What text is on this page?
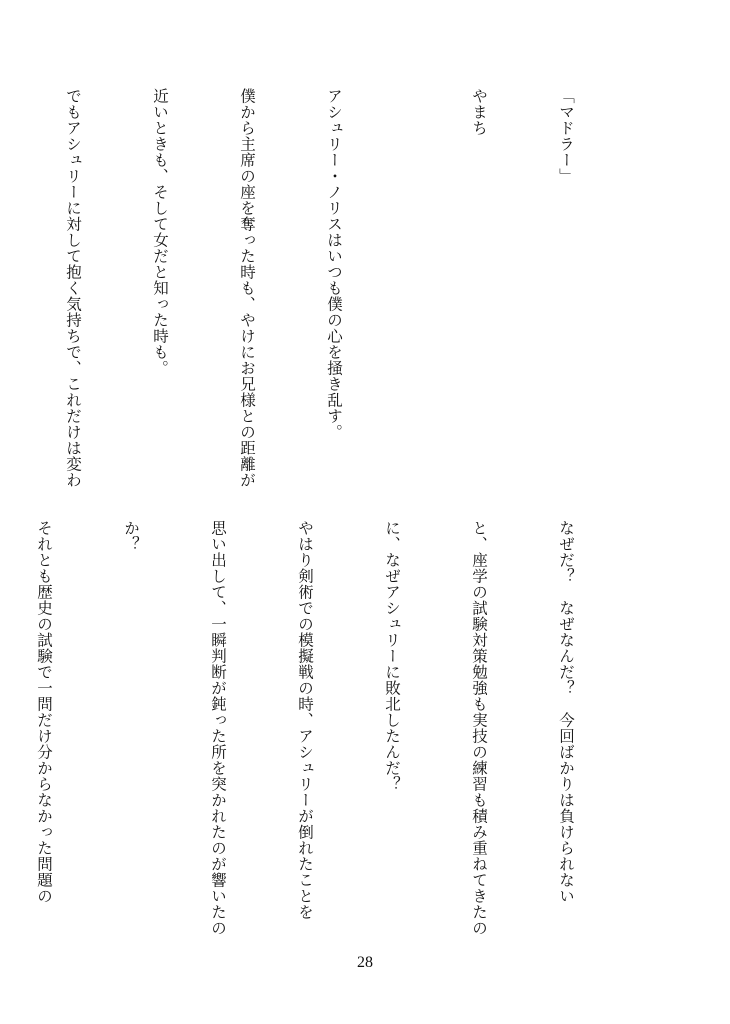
「マドラー」

やまち

アシュリー・ノリスはいつも僕の心を掻き乱す。

僕から主席の座を奪った時も、やけにお兄様との距離が

近いときも、そして女だと知った時も。

でもアシュリーに対して抱く気持ちで、これだけは変わ

なぜだ？　なぜなんだ？　今回ばかりは負けられない

と、座学の試験対策勉強も実技の練習も積み重ねてきたの

に、なぜアシュリーに敗北したんだ？

やはり剣術での模擬戦の時、アシュリーが倒れたことを

思い出して、一瞬判断が鈍った所を突かれたのが響いたの

か？

それとも歴史の試験で一問だけ分からなかった問題の

28
